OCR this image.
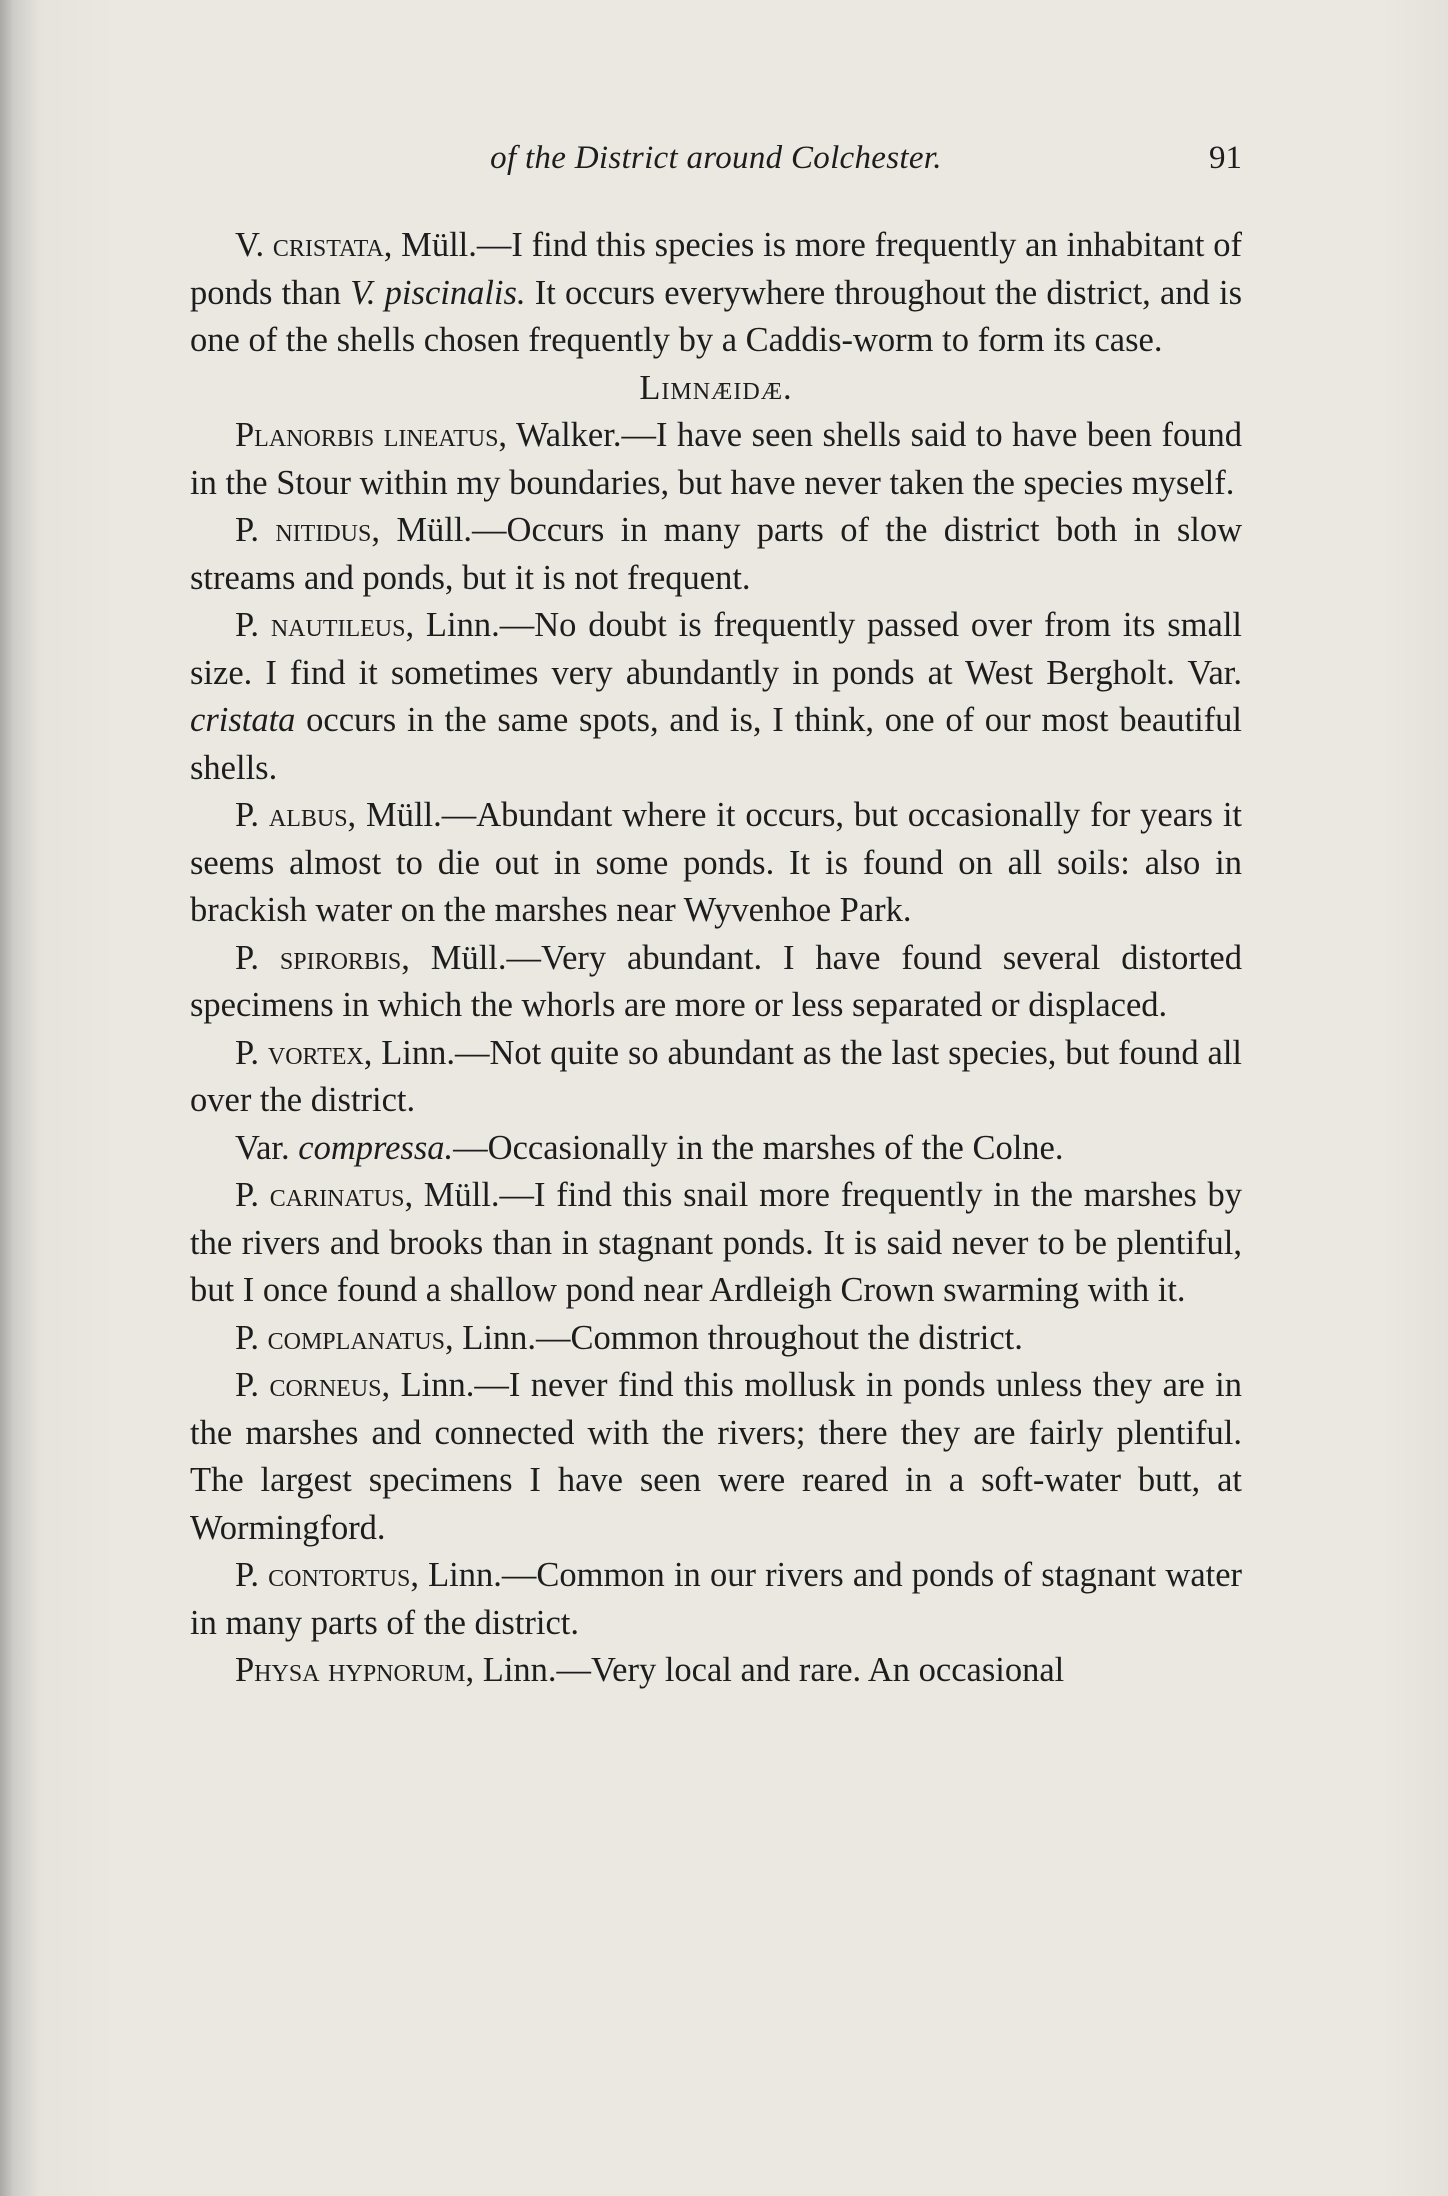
of the District around Colchester.	91

V. cristata, Müll.—I find this species is more frequently an inhabitant of ponds than V. piscinalis. It occurs everywhere throughout the district, and is one of the shells chosen frequently by a Caddis-worm to form its case.

Limnæidæ.

Planorbis lineatus, Walker.—I have seen shells said to have been found in the Stour within my boundaries, but have never taken the species myself.

P. nitidus, Müll.—Occurs in many parts of the district both in slow streams and ponds, but it is not frequent.

P. nautileus, Linn.—No doubt is frequently passed over from its small size. I find it sometimes very abundantly in ponds at West Bergholt. Var. cristata occurs in the same spots, and is, I think, one of our most beautiful shells.

P. albus, Müll.—Abundant where it occurs, but occasionally for years it seems almost to die out in some ponds. It is found on all soils: also in brackish water on the marshes near Wyvenhoe Park.

P. spirorbis, Müll.—Very abundant. I have found several distorted specimens in which the whorls are more or less separated or displaced.

P. vortex, Linn.—Not quite so abundant as the last species, but found all over the district.

Var. compressa.—Occasionally in the marshes of the Colne.

P. carinatus, Müll.—I find this snail more frequently in the marshes by the rivers and brooks than in stagnant ponds. It is said never to be plentiful, but I once found a shallow pond near Ardleigh Crown swarming with it.

P. complanatus, Linn.—Common throughout the district.

P. corneus, Linn.—I never find this mollusk in ponds unless they are in the marshes and connected with the rivers; there they are fairly plentiful. The largest specimens I have seen were reared in a soft-water butt, at Wormingford.

P. contortus, Linn.—Common in our rivers and ponds of stagnant water in many parts of the district.

Physa hypnorum, Linn.—Very local and rare. An occasional
